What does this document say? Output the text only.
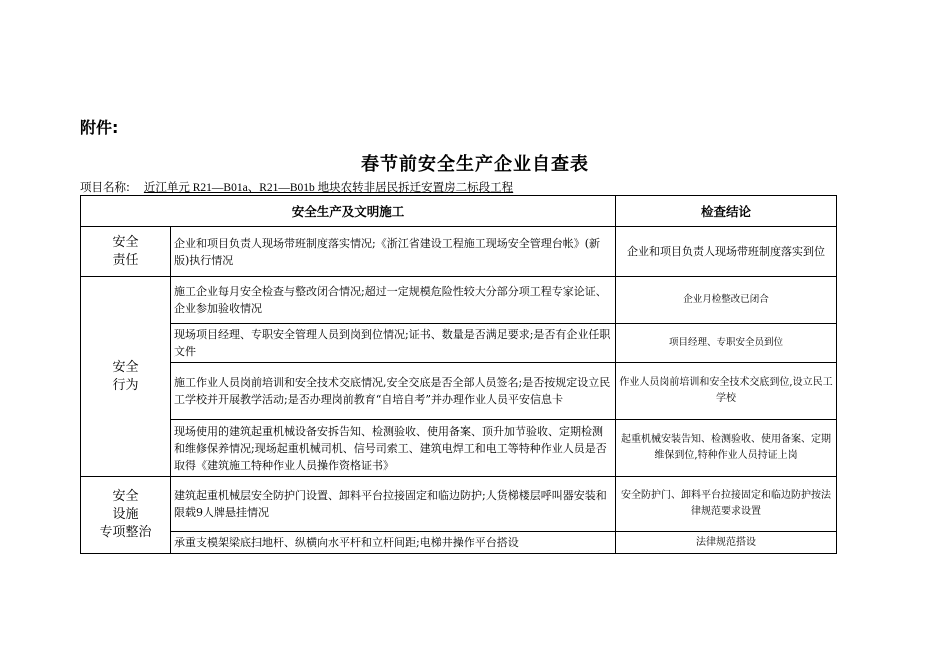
附件:
春节前安全生产企业自查表
项目名称: 近江单元 R21—B01a、R21—B01b 地块农转非居民拆迁安置房二标段工程
安全生产及文明施工		检查结论
安全
责任	企业和项目负责人现场带班制度落实情况;《浙江省建设工程施工现场安全管理台帐》(新版)执行情况	企业和项目负责人现场带班制度落实到位
安全
行为	施工企业每月安全检查与整改闭合情况;超过一定规模危险性较大分部分项工程专家论证、企业参加验收情况	企业月检整改已闭合
	现场项目经理、专职安全管理人员到岗到位情况;证书、数量是否满足要求;是否有企业任职文件	项目经理、专职安全员到位
	施工作业人员岗前培训和安全技术交底情况,安全交底是否全部人员签名;是否按规定设立民工学校并开展教学活动;是否办理岗前教育“自培自考”并办理作业人员平安信息卡	作业人员岗前培训和安全技术交底到位,设立民工学校
	现场使用的建筑起重机械设备安拆告知、检测验收、使用备案、顶升加节验收、定期检测和维修保养情况;现场起重机械司机、信号司索工、建筑电焊工和电工等特种作业人员是否取得《建筑施工特种作业人员操作资格证书》	起重机械安装告知、检测验收、使用备案、定期维保到位,特种作业人员持证上岗
安全
设施
专项整治	建筑起重机械层安全防护门设置、卸料平台拉接固定和临边防护;人货梯楼层呼叫器安装和限载9人牌悬挂情况	安全防护门、卸料平台拉接固定和临边防护按法律规范要求设置
	承重支模架梁底扫地杆、纵横向水平杆和立杆间距;电梯井操作平台搭设	法律规范搭设
